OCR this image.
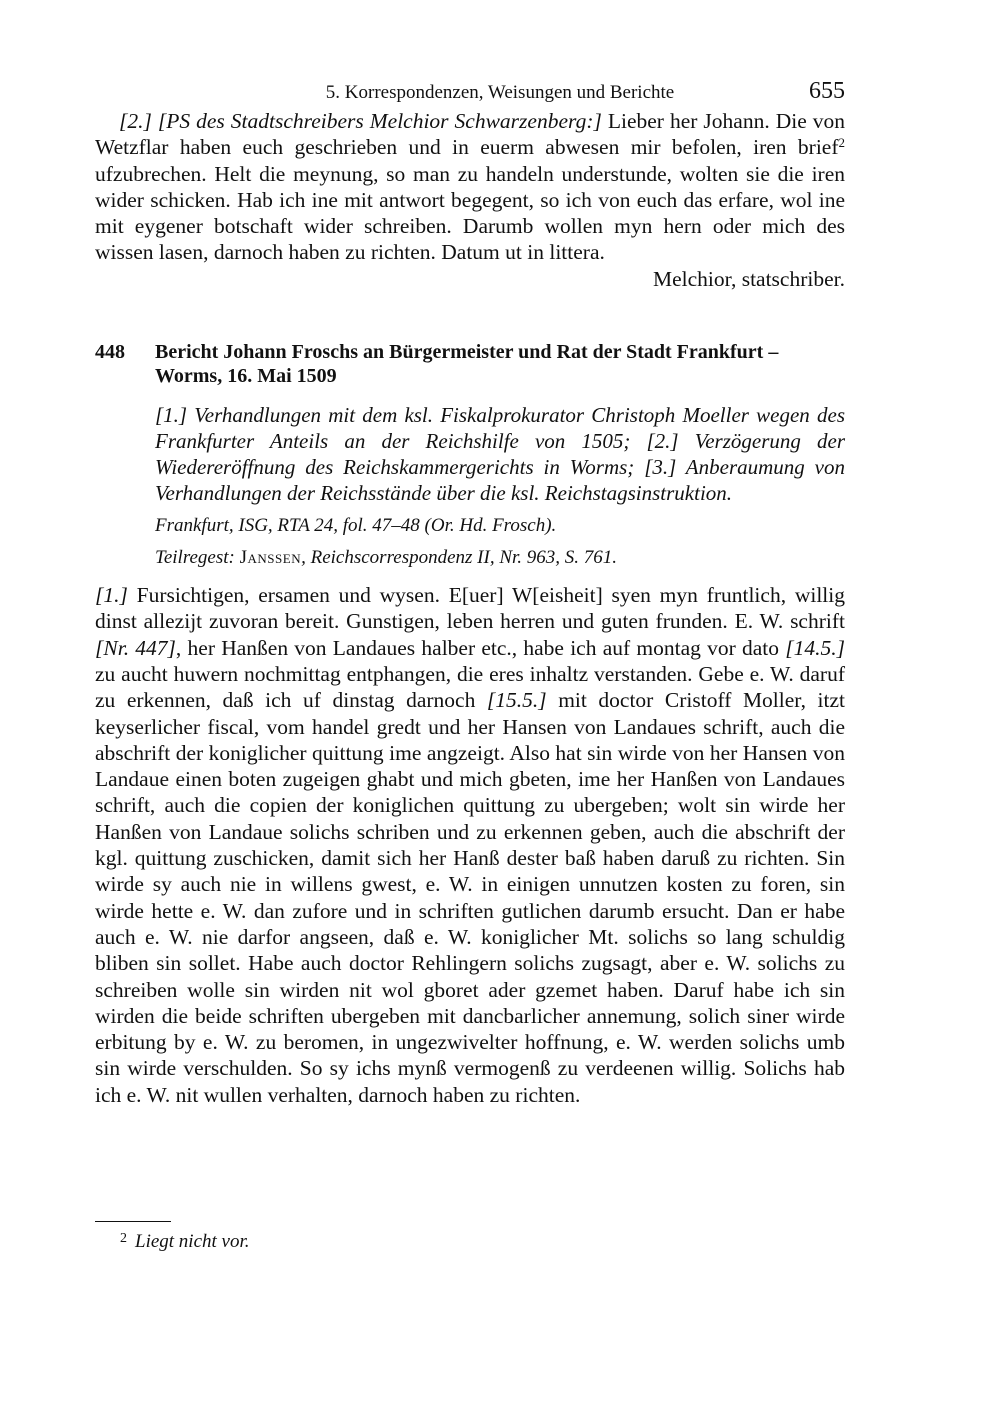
5. Korrespondenzen, Weisungen und Berichte	655

[2.] [PS des Stadtschreibers Melchior Schwarzenberg:] Lieber her Johann. Die von Wetzflar haben euch geschrieben und in euerm abwesen mir befolen, iren brief$^2$ ufzubrechen. Helt die meynung, so man zu handeln understunde, wolten sie die iren wider schicken. Hab ich ine mit antwort begegent, so ich von euch das erfare, wol ine mit eygener botschaft wider schreiben. Darumb wollen myn hern oder mich des wissen lasen, darnoch haben zu richten. Datum ut in littera.

Melchior, statschriber.

448	Bericht Johann Froschs an Bürgermeister und Rat der Stadt Frankfurt – Worms, 16. Mai 1509
[1.] Verhandlungen mit dem ksl. Fiskalprokurator Christoph Moeller wegen des Frankfurter Anteils an der Reichshilfe von 1505; [2.] Verzögerung der Wiedereröffnung des Reichskammergerichts in Worms; [3.] Anberaumung von Verhandlungen der Reichsstände über die ksl. Reichstagsinstruktion.
Frankfurt, ISG, RTA 24, fol. 47–48 (Or. Hd. Frosch).
Teilregest: Janssen, Reichscorrespondenz II, Nr. 963, S. 761.

[1.] Fursichtigen, ersamen und wysen. E[uer] W[eisheit] syen myn fruntlich, willig dinst allezijt zuvoran bereit. Gunstigen, leben herren und guten frunden. E. W. schrift [Nr. 447], her Hanßen von Landaues halber etc., habe ich auf montag vor dato [14.5.] zu aucht huwern nochmittag entphangen, die eres inhaltz verstanden. Gebe e. W. daruf zu erkennen, daß ich uf dinstag darnoch [15.5.] mit doctor Cristoff Moller, itzt keyserlicher fiscal, vom handel gredt und her Hansen von Landaues schrift, auch die abschrift der koniglicher quittung ime angzeigt. Also hat sin wirde von her Hansen von Landaue einen boten zugeigen ghabt und mich gbeten, ime her Hanßen von Landaues schrift, auch die copien der koniglichen quittung zu ubergeben; wolt sin wirde her Hanßen von Landaue solichs schriben und zu erkennen geben, auch die abschrift der kgl. quittung zuschicken, damit sich her Hanß dester baß haben daruß zu richten. Sin wirde sy auch nie in willens gwest, e. W. in einigen unnutzen kosten zu foren, sin wirde hette e. W. dan zufore und in schriften gutlichen darumb ersucht. Dan er habe auch e. W. nie darfor angseen, daß e. W. koniglicher Mt. solichs so lang schuldig bliben sin sollet. Habe auch doctor Rehlingern solichs zugsagt, aber e. W. solichs zu schreiben wolle sin wirden nit wol gboret ader gzemet haben. Daruf habe ich sin wirden die beide schriften ubergeben mit dancbarlicher annemung, solich siner wirde erbitung by e. W. zu beromen, in ungezwivelter hoffnung, e. W. werden solichs umb sin wirde verschulden. So sy ichs mynß vermogenß zu verdeenen willig. Solichs hab ich e. W. nit wullen verhalten, darnoch haben zu richten.

$^2$ Liegt nicht vor.
